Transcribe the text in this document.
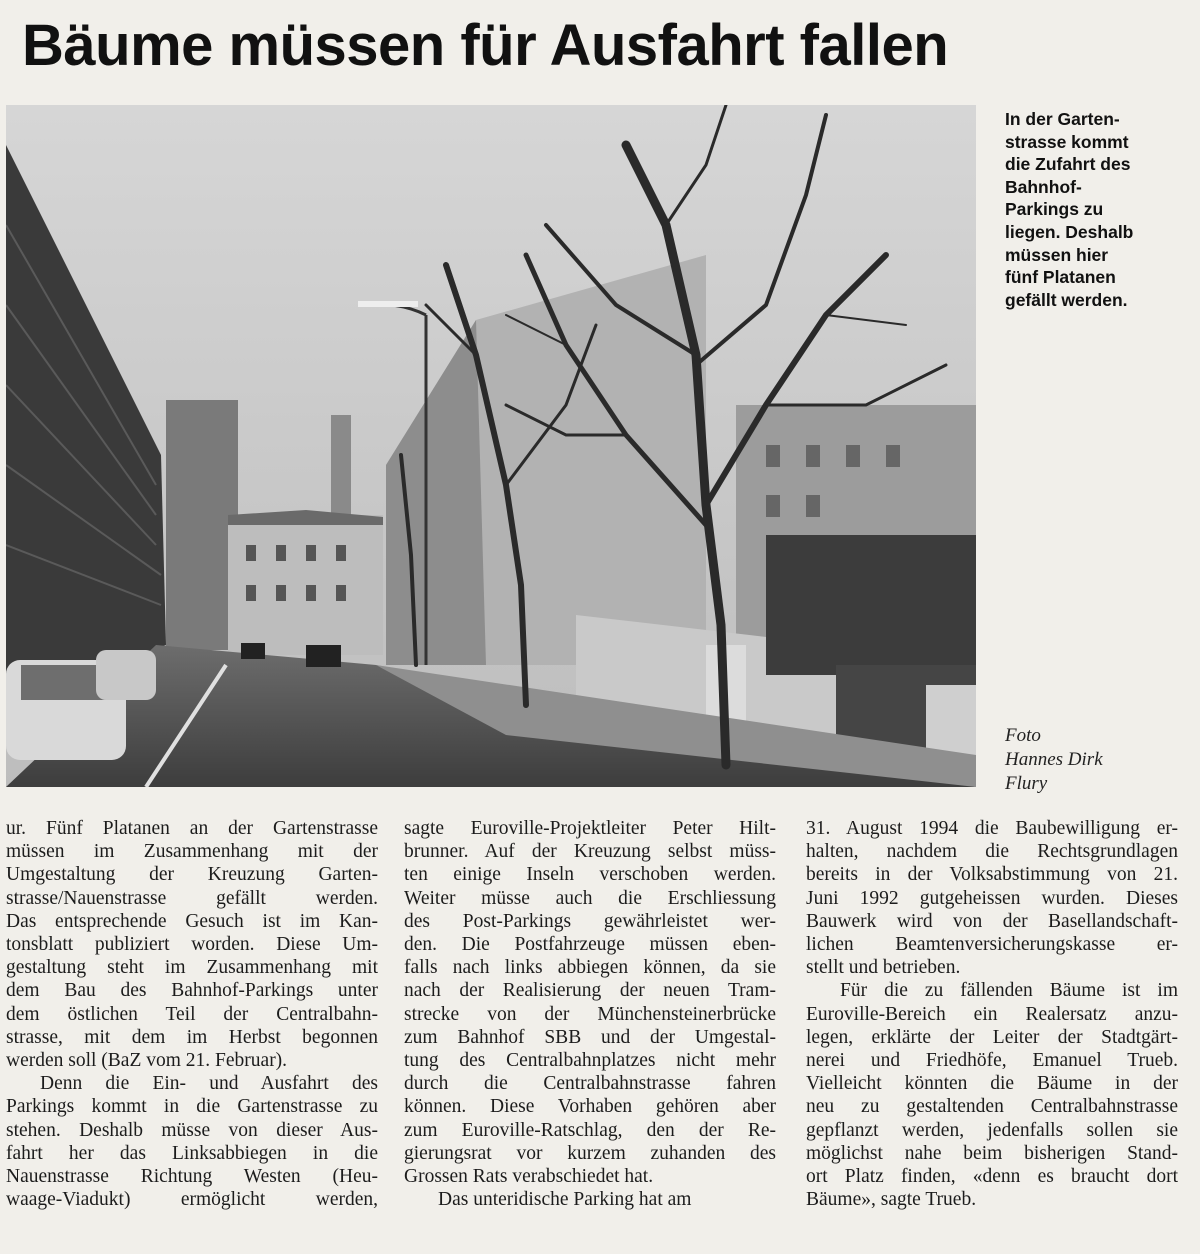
Bäume müssen für Ausfahrt fallen
In der Garten-
strasse kommt
die Zufahrt des
Bahnhof-
Parkings zu
liegen. Deshalb
müssen hier
fünf Platanen
gefällt werden.
Foto
Hannes Dirk
Flury
ur. Fünf Platanen an der Gartenstrasse
müssen im Zusammenhang mit der
Umgestaltung der Kreuzung Garten-
strasse/Nauenstrasse gefällt werden.
Das entsprechende Gesuch ist im Kan-
tonsblatt publiziert worden. Diese Um-
gestaltung steht im Zusammenhang mit
dem Bau des Bahnhof-Parkings unter
dem östlichen Teil der Centralbahn-
strasse, mit dem im Herbst begonnen
werden soll (BaZ vom 21. Februar).
Denn die Ein- und Ausfahrt des
Parkings kommt in die Gartenstrasse zu
stehen. Deshalb müsse von dieser Aus-
fahrt her das Linksabbiegen in die
Nauenstrasse Richtung Westen (Heu-
waage-Viadukt) ermöglicht werden,
sagte Euroville-Projektleiter Peter Hilt-
brunner. Auf der Kreuzung selbst müss-
ten einige Inseln verschoben werden.
Weiter müsse auch die Erschliessung
des Post-Parkings gewährleistet wer-
den. Die Postfahrzeuge müssen eben-
falls nach links abbiegen können, da sie
nach der Realisierung der neuen Tram-
strecke von der Münchensteinerbrücke
zum Bahnhof SBB und der Umgestal-
tung des Centralbahnplatzes nicht mehr
durch die Centralbahnstrasse fahren
können. Diese Vorhaben gehören aber
zum Euroville-Ratschlag, den der Re-
gierungsrat vor kurzem zuhanden des
Grossen Rats verabschiedet hat.
Das unteridische Parking hat am
31. August 1994 die Baubewilligung er-
halten, nachdem die Rechtsgrundlagen
bereits in der Volksabstimmung von 21.
Juni 1992 gutgeheissen wurden. Dieses
Bauwerk wird von der Basellandschaft-
lichen Beamtenversicherungskasse er-
stellt und betrieben.
Für die zu fällenden Bäume ist im
Euroville-Bereich ein Realersatz anzu-
legen, erklärte der Leiter der Stadtgärt-
nerei und Friedhöfe, Emanuel Trueb.
Vielleicht könnten die Bäume in der
neu zu gestaltenden Centralbahnstrasse
gepflanzt werden, jedenfalls sollen sie
möglichst nahe beim bisherigen Stand-
ort Platz finden, «denn es braucht dort
Bäume», sagte Trueb.
